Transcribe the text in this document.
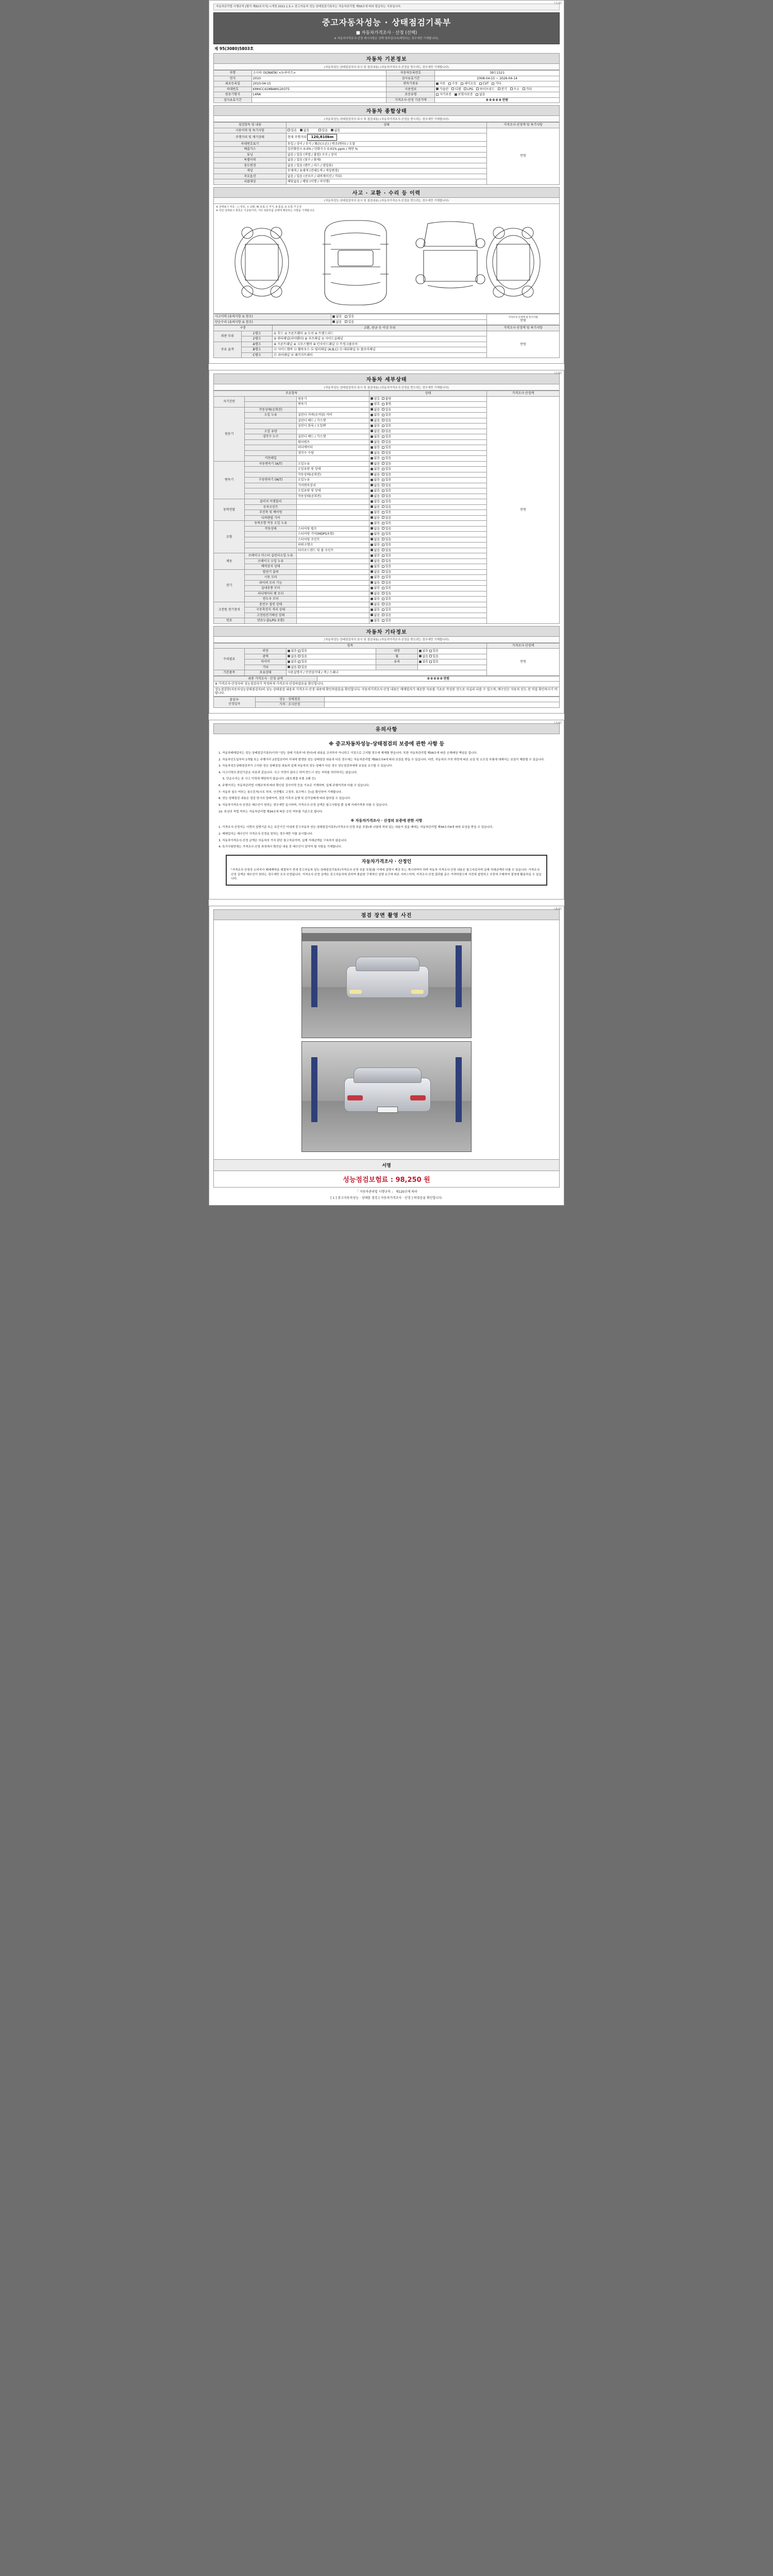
(1/4)
자동차관리법 시행규칙 [별지 제82호서식] <개정 2021.1.5.> 중고자동차 성능·상태점검기록부는 자동차관리법 제58조에 따라 발급하는 서류입니다.
중고자동차성능 · 상태점검기록부
■ 자동차가격조사 · 산정 (선택)
※ 자동차가격조사·산정 제시사항은 선택 항목입니다(해당되는 경우에만 기재합니다).
제 95(3080)5803호
자동차 기본정보
(자동차성능·상태점검자의 표시 및 점검내용) (자동차가격조사·산정을 받으려는 경우에만 기재합니다)
차명	소나타 (SONATA) <뉴라이즈>	자동차등록번호	39도1521
연식	2010	검사유효기간	2008-04-15 ~ 2026-04-14
최초등록일	2010-04-15	변속기종류	자동 수동 세미오토 CVT 기타
차대번호	KMHCC41MBAM120375	사용연료	가솔린 디젤 LPG 하이브리드 전기 수소 기타
원동기형식	L4RA	보증유형	자가보증 보험사보증 없음
검사유효기간		가격조사·산정 기준가액	0 0 0 0 0 만원
자동차 종합상태
(자동차성능·상태점검자의 표시 및 점검내용) (자동차가격조사·산정을 받으려는 경우에만 기재합니다)
점검항목 및 내용	상태	가격조사·산정액 및 특기사항
사용이력 및 특기사항	있음 없음 있음 없음	만원
주행거리 및 계기상태	현재 주행거리 120,810km	
차대번호표기	동일 / 상이 / 부식 / 훼손(오손) / 변조(변타) / 도말	
배출가스	일산화탄소 0.0% / 탄화수소 0.01% ppm / 매연 %	
튜닝	없음 / 있음 (적법 / 불법) 구조 / 장치	
특별이력	없음 / 있음 (침수 / 화재)	
용도변경	없음 / 있음 (렌트 / 리스 / 영업용)	
색상	무채색 / 유채색 (전체도색 / 색상변경)	
주요옵션	없음 / 있음 (선루프 / 내비게이션 / 기타)	
리콜대상	해당없음 / 해당 (이행 / 미이행)	
사고 · 교환 · 수리 등 이력
(자동차성능·상태점검자의 표시 및 점검내용) (자동차가격조사·산정을 받으려는 경우에만 기재합니다)
※ 상태표시 부호 : ○ 양호, × 교환, W 용접, C 부식, A 흠집, U 요철, T 손상
※ 하단 상태표시 항목은 기준판이며, 기타 외판부품 상태에 해당하는 사항을 기재합니다.
사고이력 (유의사항 ⑤ 참조)	없음 있음	가격조사·산정액 및 특기사항
만원

단순수리 (유의사항 ⑤ 참조)	없음 있음	
구분		교환, 판금 등 이상 부위	가격조사·산정액 및 특기사항
외판 부위	1랭크	① 후드 ② 프론트휀더 ③ 도어 ④ 트렌드리드	만원
	2랭크	⑤ 쿼터패널(리어휀더) ⑥ 루프패널 ⑦ 사이드실패널	
주요 골격	A랭크	⑧ 프론트패널 ⑨ 크로스멤버 ⑩ 인사이드패널 ⑪ 트렁크플로어	
	B랭크	⑫ 사이드멤버 ⑬ 휠하우스 ⑭ 필러패널 (A,B,C) ⑮ 대쉬패널 ⑯ 플로어패널	
	C랭크	⑰ 리어패널 ⑱ 패키지트레이	
(2/4)
자동차 세부상태
(자동차성능·상태점검자의 표시 및 점검내용) (자동차가격조사·산정을 받으려는 경우에만 기재합니다)
주요항목			상태	가격조사·산정액
자기진단		원동기	양호 불량	만원
		변속기	양호 불량	
원동기	작동상태(공회전)		없음 있음	
	오일 누유	실린더 커버(로커암) 커버	없음 있음	
		실린더 헤드 / 가스켓	없음 있음	
		실린더 블록 / 오일팬	없음 있음	
	오일 유량		없음 있음	
	냉각수 누수	실린더 헤드 / 가스켓	없음 있음	
		워터펌프	없음 있음	
		라디에이터	없음 있음	
		냉각수 수량	없음 있음	
	커먼레일		없음 있음	
변속기	자동변속기 (A/T)	오일누유	없음 있음	
		오일유량 및 상태	없음 있음	
		작동상태(공회전)	없음 있음	
	수동변속기 (M/T)	오일누유	없음 있음	
		기어변속장치	없음 있음	
		오일유량 및 상태	없음 있음	
		작동상태(공회전)	없음 있음	
동력전달	클러치 어셈블리		없음 있음	
	등속조인트		없음 있음	
	추진축 및 베어링		없음 있음	
	디퍼렌셜 기어		없음 있음	
조향	동력조향 작동 오일 누유		없음 있음	
	작동상태	스티어링 펌프	없음 있음	
		스티어링 기어(MDPS포함)	없음 있음	
		스티어링 조인트	없음 있음	
		파워크랭크	없음 있음	
		타이로드엔드 및 볼 조인트	없음 있음	
제동	브레이크 마스터 실린더오일 누유		없음 있음	
	브레이크 오일 누유		없음 있음	
	배력장치 상태		없음 있음	
전기	발전기 출력		없음 있음	
	시동 모터		없음 있음	
	와이퍼 모터 기능		없음 있음	
	실내송풍 모터		없음 있음	
	라디에이터 팬 모터		없음 있음	
	윈도우 모터		없음 있음	
고전원 전기장치	충전구 절연 상태		없음 있음	
	구동축전지 격리 상태		없음 있음	
	고전원전기배선 상태		없음 있음	
연료	연료누설(LPG 포함)		없음 있음	
자동차 기타정보
(자동차성능·상태점검자의 표시 및 점검내용) (자동차가격조사·산정을 받으려는 경우에만 기재합니다)
항목					가격조사·산정액
수리필요	외장	없음 있음	내장	없음 있음	만원
	광택	없음 있음	휠	없음 있음	
	타이어	없음 있음	유리	없음 있음	
	기타	없음 있음			
기본품목	보유상태	사용설명서 / 안전삼각대 / 잭 / 스패너			
최종 가격조사 · 산정 금액	0 0 0 0 0 만원
※ 가격조사·산정자의 성능점검자가 적정하게 가격조사·산정하였음을 확인합니다.
성능점검한(자동차성능상태점검자)의 성능·상태점검 내용과 가격조사·산정 내용에 확인하였음을 확인합니다. 자동차가격조사·산정 내용은 매매업자가 제공한 자료를 기초로 작성된 것으로 사실과 다를 수 있으며, 매수인은 자동차 인도 전 직접 확인하시기 바랍니다.
점검자·
산정일자	성능 · 상태점검	
	가격 · 조사산정	
(3/4)
유의사항
※ 중고차동차성능·상태점검의 보증에 관한 사항 등

1. 자동차매매업자는 성능·상태점검기록부(이하 "성능 상태 기록부"라 한다)에 내용을 교지하지 아니하고 거짓으로 고지할 경우에 제재를 받습니다. 또한 자동차관리법 제58조에 따른 손해배상 책임을 집니다.

2. 자동차인도일부터 1개월 또는 주행거리 2천킬로미터 이내에 발생한 성능·상태점검 내용과 다른 경우에는 자동차관리법 제58조의4에 따라 보상을 받을 수 있습니다. 다만, 자동차의 가치 하락에 따른 보상 및 소모성 부품에 대해서는 보상이 제한될 수 있습니다.

3. 자동차성능상태점검자가 고지한 성능·상태점검 내용과 실제 자동차의 성능·상태가 다른 경우 성능점검자에게 보상을 요구할 수 있습니다.

4. 사고이력의 판단기준은 다음과 같습니다. 사고 이력이 있다고 하여 반드시 성능 저하를 의미하지는 않습니다.

5. 단순수리는 본 사고 이력에 해당하지 않습니다. (볼트체결 부품 교환 등)

6. 주행거리는 자동차관리법 시행규칙에 따라 확인된 검사이력 등을 기초로 기재하며, 실제 주행거리와 다를 수 있습니다.

7. 자동차 침수 여부는 침수흔적(시트 하부, 안전벨트 고정부, 퓨즈박스 등)을 확인하여 기재합니다.

8. 성능·상태점검 내용은 점검 당시의 상태이며, 점검 이후의 운행 및 관리상태에 따라 달라질 수 있습니다.

9. 자동차가격조사·산정은 매수인이 원하는 경우에만 실시하며, 가격조사·산정 금액은 참고사항일 뿐 실제 거래가격과 다를 수 있습니다.

10. 튜닝의 적법 여부는 자동차관리법 제34조에 따른 승인 여부를 기준으로 합니다.

※ 자동차가격조사 · 산정의 보증에 관한 사항

1. 가격조사·산정자는 서면의 설명기준 또는 보증기간 이내에 중고자동차 성능·상태점검기록부(가격조사·산정 부분 포함)에 나열에 적혀 있는 내용이 있을 때에는 자동차관리법 제58조의4에 따라 보상을 받을 수 있습니다.

2. 매매업자는 매수인이 가격조사·산정을 원하는 경우에만 이를 실시합니다.

3. 자동차가격조사·산정 금액은 자동차의 가치 판단 참고자료이며, 실제 거래금액을 구속하지 않습니다.

4. 특기사항란에는 가격조사·산정 과정에서 확인된 내용 중 매수인이 알아야 할 사항을 기재합니다.

자동차가격조사 · 산정인
"가격조사·산정자 소비자가 매매계약을 체결하기 전에 중고자동차 성능·상태점검기록부(가격조사·산정 부분 포함)를 기재에 설명서 제공 또는 게시하여야 하며 자동차 가격조사·산정 내용은 참고자료이며 실제 거래금액과 다를 수 있습니다. 가격조사·산정 금액은 매수인이 원하는 경우에만 조사·산정됩니다. 가격조사·산정 금액은 중고자동차에 관하여 충분한 구체적인 설명 요구에 따른 서비스이며, 가격조사·산정 결과를 준수 가격하였으며 사전에 설명하고 사전에 구매하여 결정에 활용하실 수 있습니다.
(4/4)
점검 장면 촬영 사진
서명
성능점검보험료 : 98,250 원
「 자동차관리법 시행규칙 」 제120조에 따라
[ 1 ] 중고자동차성능 · 상태를 점검 [ 자동차가격조사 · 산정 ] 하였음을 확인합니다.
